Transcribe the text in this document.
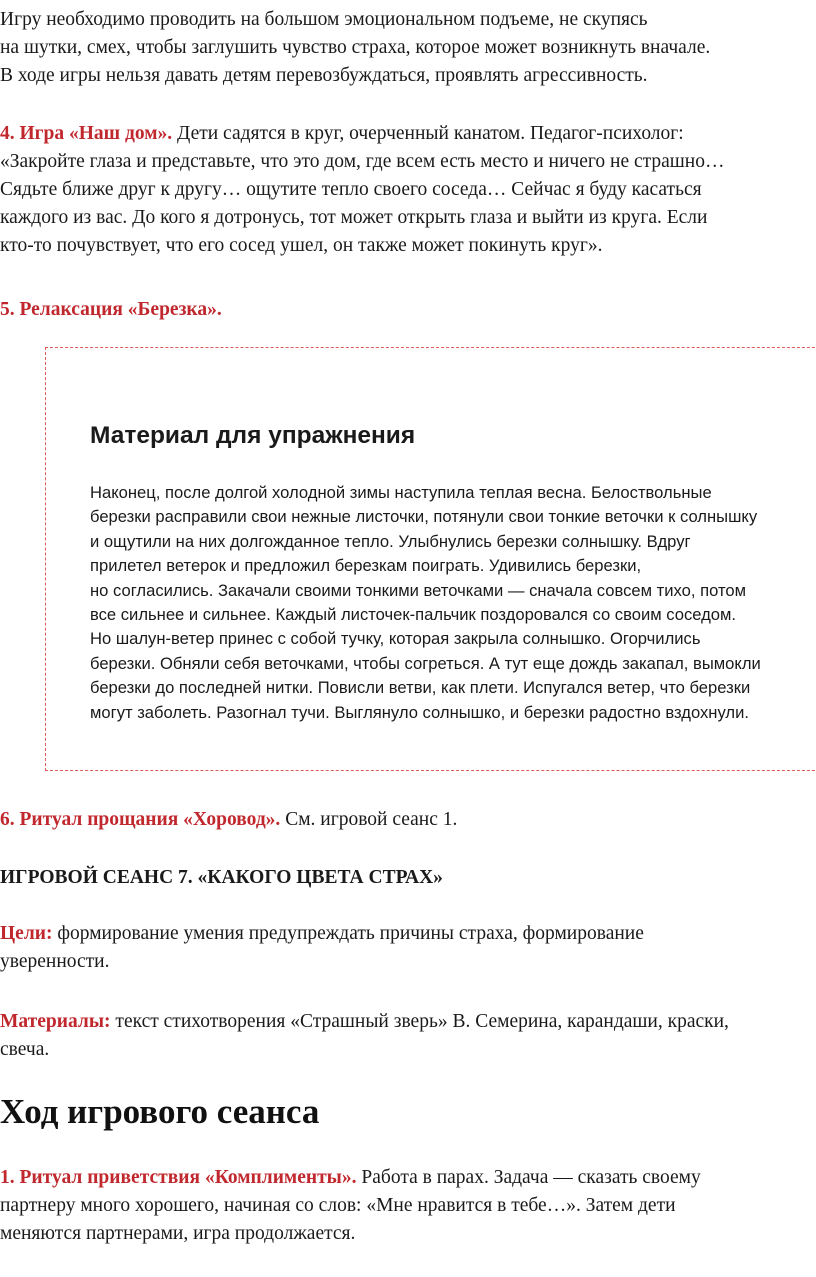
Игру необходимо проводить на большом эмоциональном подъеме, не скупясь

на шутки, смех, чтобы заглушить чувство страха, которое может возникнуть вначале.

В ходе игры нельзя давать детям перевозбуждаться, проявлять агрессивность.

4. Игра «Наш дом». Дети садятся в круг, очерченный канатом. Педагог-психолог:

«Закройте глаза и представьте, что это дом, где всем есть место и ничего не страшно…

Сядьте ближе друг к другу… ощутите тепло своего соседа… Сейчас я буду касаться

каждого из вас. До кого я дотронусь, тот может открыть глаза и выйти из круга. Если

кто-то почувствует, что его сосед ушел, он также может покинуть круг».

5. Релаксация «Березка».

Материал для упражнения

Наконец, после долгой холодной зимы наступила теплая весна. Белоствольные

березки расправили свои нежные листочки, потянули свои тонкие веточки к солнышку

и ощутили на них долгожданное тепло. Улыбнулись березки солнышку. Вдруг

прилетел ветерок и предложил березкам поиграть. Удивились березки,

но согласились. Закачали своими тонкими веточками — сначала совсем тихо, потом

все сильнее и сильнее. Каждый листочек-пальчик поздоровался со своим соседом.

Но шалун-ветер принес с собой тучку, которая закрыла солнышко. Огорчились

березки. Обняли себя веточками, чтобы согреться. А тут еще дождь закапал, вымокли

березки до последней нитки. Повисли ветви, как плети. Испугался ветер, что березки

могут заболеть. Разогнал тучи. Выглянуло солнышко, и березки радостно вздохнули.

6. Ритуал прощания «Хоровод». См. игровой сеанс 1.

ИГРОВОЙ СЕАНС 7. «КАКОГО ЦВЕТА СТРАХ»

Цели: формирование умения предупреждать причины страха, формирование

уверенности.

Материалы: текст стихотворения «Страшный зверь» В. Семерина, карандаши, краски,

свеча.

Ход игрового сеанса

1. Ритуал приветствия «Комплименты». Работа в парах. Задача — сказать своему

партнеру много хорошего, начиная со слов: «Мне нравится в тебе…». Затем дети

меняются партнерами, игра продолжается.
